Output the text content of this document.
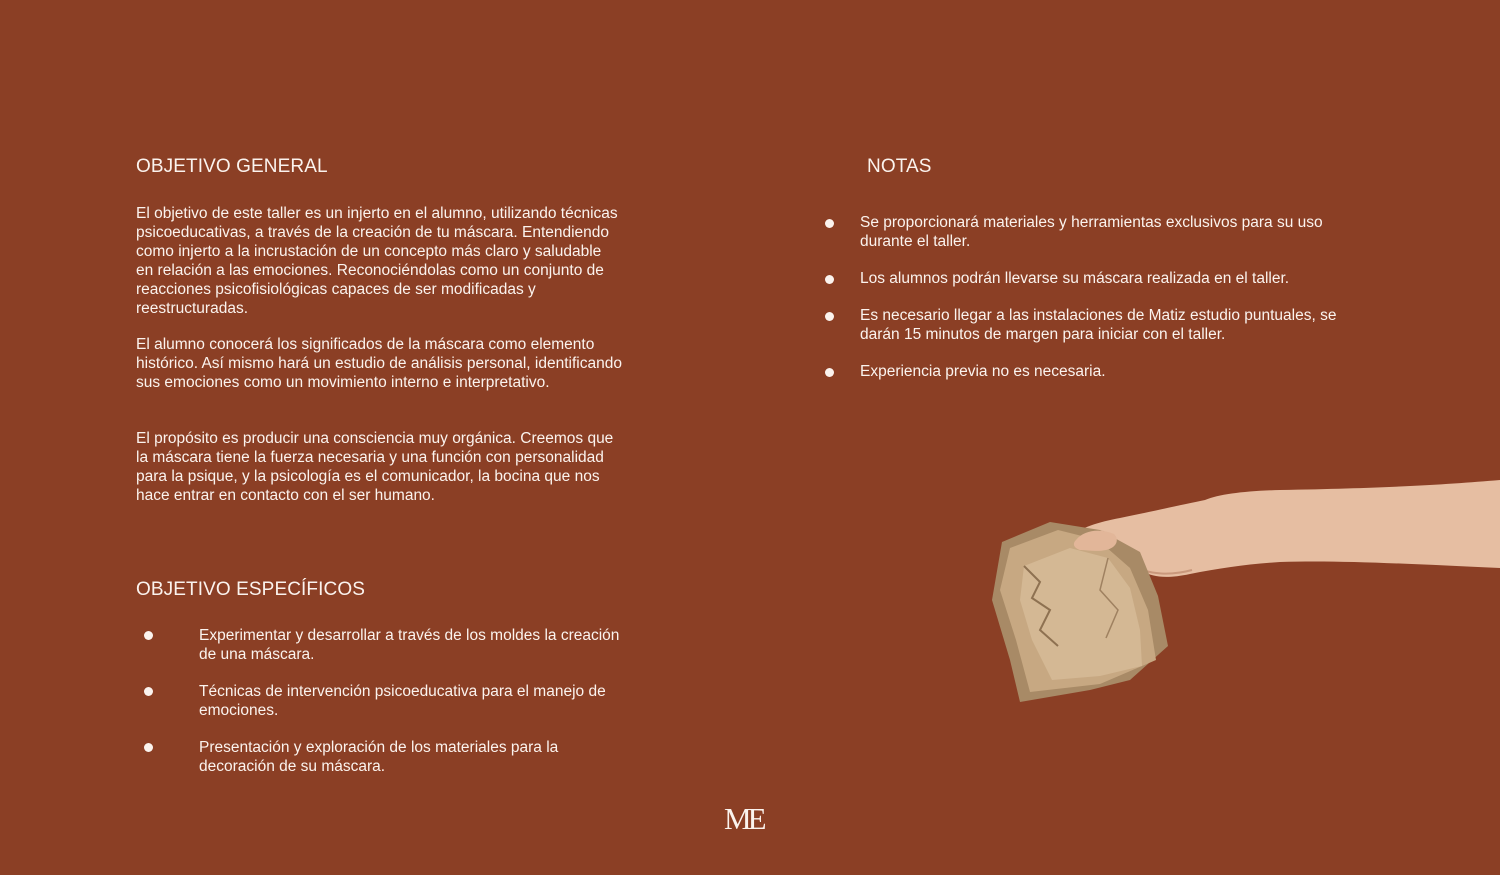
OBJETIVO GENERAL

El objetivo de este taller es un injerto en el alumno, utilizando técnicas psicoeducativas, a través de la creación de tu máscara. Entendiendo como injerto a la incrustación de un concepto más claro y saludable en relación a las emociones. Reconociéndolas como un conjunto de reacciones psicofisiológicas capaces de ser modificadas y reestructuradas.

El alumno conocerá los significados de la máscara como elemento histórico. Así mismo hará un estudio de análisis personal, identificando sus emociones como un movimiento interno e interpretativo.

El propósito es producir una consciencia muy orgánica. Creemos que la máscara tiene la fuerza necesaria y una función con personalidad para la psique, y la psicología es el comunicador, la bocina que nos hace entrar en contacto con el ser humano.

OBJETIVO ESPECÍFICOS
Experimentar y desarrollar a través de los moldes la creación de una máscara.
Técnicas de intervención psicoeducativa para el manejo de emociones.
Presentación y exploración de los materiales para la decoración de su máscara.
NOTAS
Se proporcionará materiales y herramientas exclusivos para su uso durante el taller.
Los alumnos podrán llevarse su máscara realizada en el taller.
Es necesario llegar a las instalaciones de Matiz estudio puntuales, se darán 15 minutos de margen para iniciar con el taller.
Experiencia previa no es necesaria.
ME
